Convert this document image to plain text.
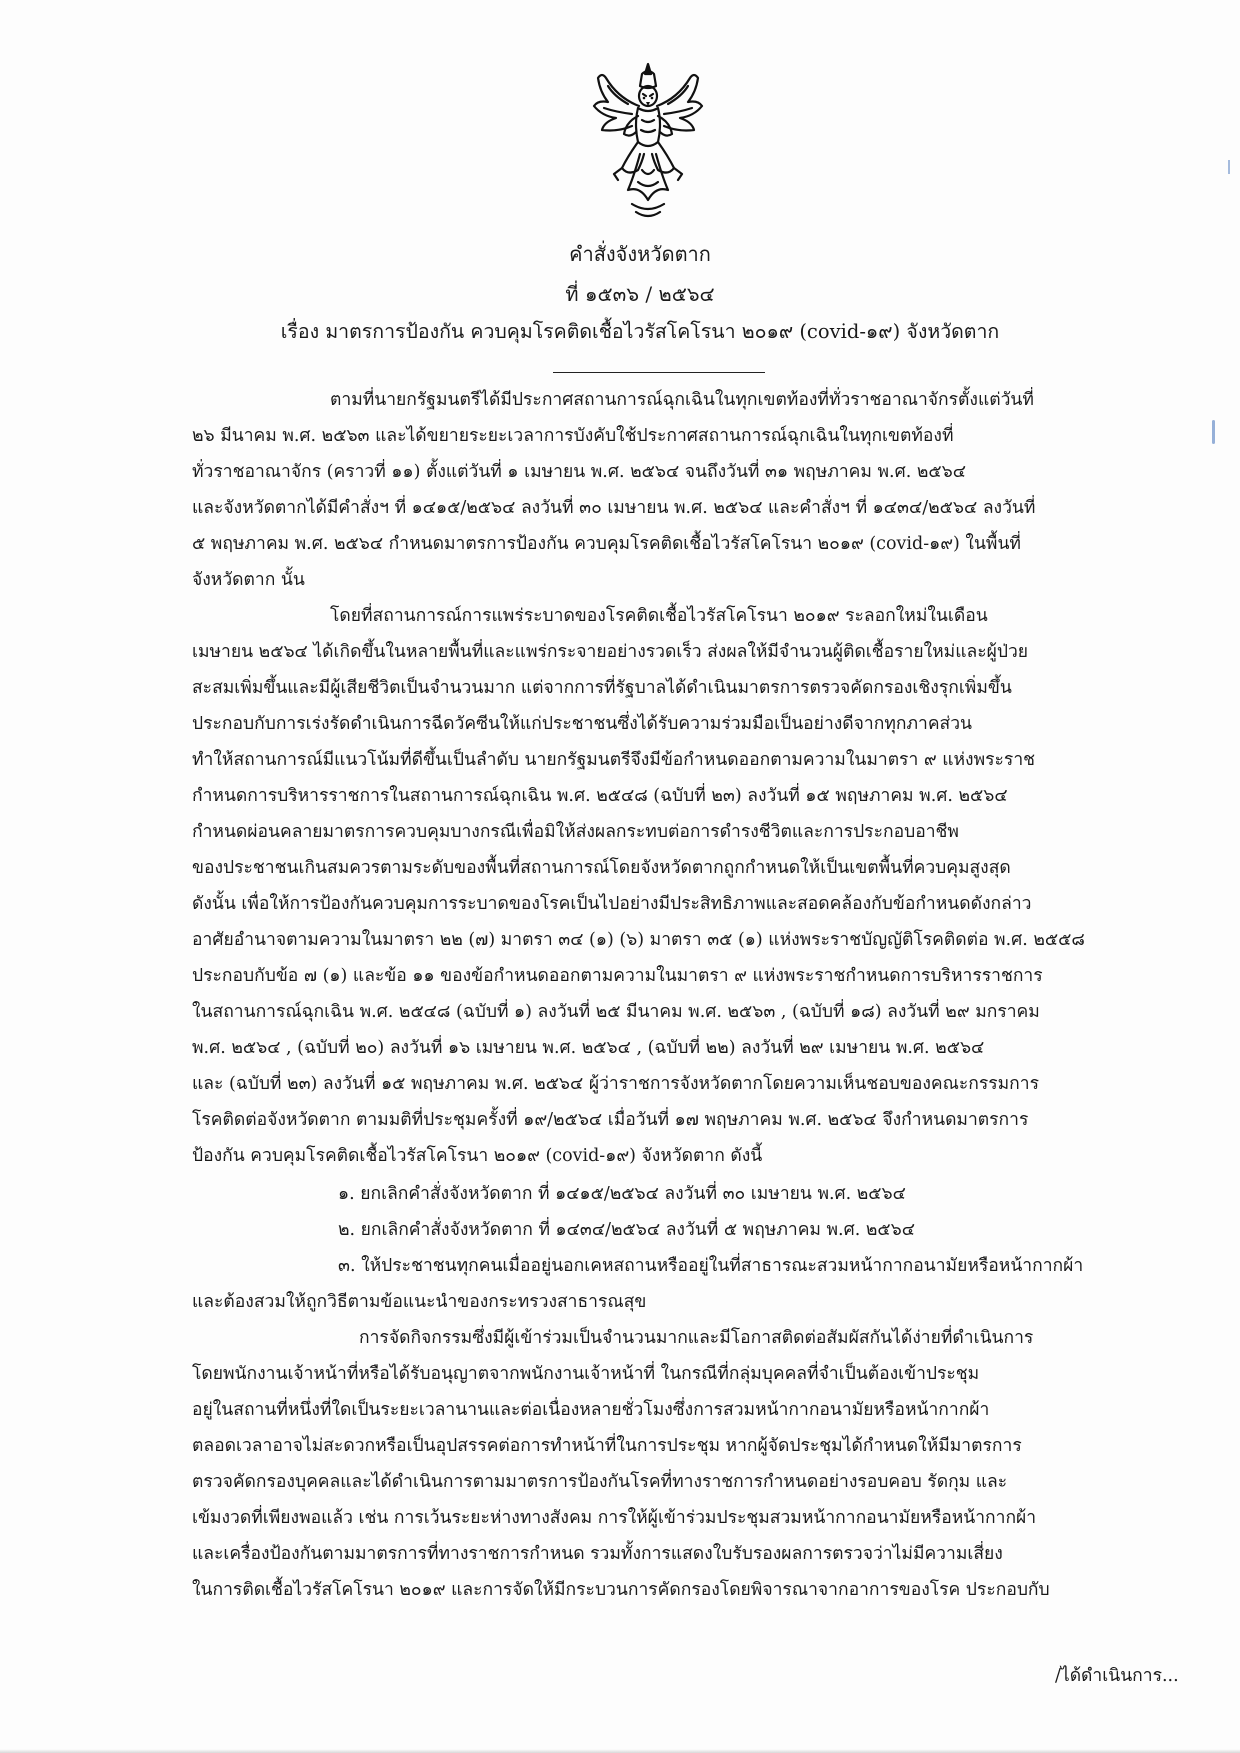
คำสั่งจังหวัดตาก
ที่ ๑๕๓๖ / ๒๕๖๔
เรื่อง มาตรการป้องกัน ควบคุมโรคติดเชื้อไวรัสโคโรนา ๒๐๑๙ (covid-๑๙) จังหวัดตาก
ตามที่นายกรัฐมนตรีได้มีประกาศสถานการณ์ฉุกเฉินในทุกเขตท้องที่ทั่วราชอาณาจักรตั้งแต่วันที่
๒๖ มีนาคม พ.ศ. ๒๕๖๓ และได้ขยายระยะเวลาการบังคับใช้ประกาศสถานการณ์ฉุกเฉินในทุกเขตท้องที่
ทั่วราชอาณาจักร (คราวที่ ๑๑) ตั้งแต่วันที่ ๑ เมษายน พ.ศ. ๒๕๖๔ จนถึงวันที่ ๓๑ พฤษภาคม พ.ศ. ๒๕๖๔
และจังหวัดตากได้มีคำสั่งฯ ที่ ๑๔๑๕/๒๕๖๔ ลงวันที่ ๓๐ เมษายน พ.ศ. ๒๕๖๔ และคำสั่งฯ ที่ ๑๔๓๔/๒๕๖๔ ลงวันที่
๕ พฤษภาคม พ.ศ. ๒๕๖๔ กำหนดมาตรการป้องกัน ควบคุมโรคติดเชื้อไวรัสโคโรนา ๒๐๑๙ (covid-๑๙) ในพื้นที่
จังหวัดตาก นั้น
โดยที่สถานการณ์การแพร่ระบาดของโรคติดเชื้อไวรัสโคโรนา ๒๐๑๙ ระลอกใหม่ในเดือน
เมษายน ๒๕๖๔ ได้เกิดขึ้นในหลายพื้นที่และแพร่กระจายอย่างรวดเร็ว ส่งผลให้มีจำนวนผู้ติดเชื้อรายใหม่และผู้ป่วย
สะสมเพิ่มขึ้นและมีผู้เสียชีวิตเป็นจำนวนมาก แต่จากการที่รัฐบาลได้ดำเนินมาตรการตรวจคัดกรองเชิงรุกเพิ่มขึ้น
ประกอบกับการเร่งรัดดำเนินการฉีดวัคซีนให้แก่ประชาชนซึ่งได้รับความร่วมมือเป็นอย่างดีจากทุกภาคส่วน
ทำให้สถานการณ์มีแนวโน้มที่ดีขึ้นเป็นลำดับ นายกรัฐมนตรีจึงมีข้อกำหนดออกตามความในมาตรา ๙ แห่งพระราช
กำหนดการบริหารราชการในสถานการณ์ฉุกเฉิน พ.ศ. ๒๕๔๘ (ฉบับที่ ๒๓) ลงวันที่ ๑๕ พฤษภาคม พ.ศ. ๒๕๖๔
กำหนดผ่อนคลายมาตรการควบคุมบางกรณีเพื่อมิให้ส่งผลกระทบต่อการดำรงชีวิตและการประกอบอาชีพ
ของประชาชนเกินสมควรตามระดับของพื้นที่สถานการณ์โดยจังหวัดตากถูกกำหนดให้เป็นเขตพื้นที่ควบคุมสูงสุด
ดังนั้น เพื่อให้การป้องกันควบคุมการระบาดของโรคเป็นไปอย่างมีประสิทธิภาพและสอดคล้องกับข้อกำหนดดังกล่าว
อาศัยอำนาจตามความในมาตรา ๒๒ (๗) มาตรา ๓๔ (๑) (๖) มาตรา ๓๕ (๑) แห่งพระราชบัญญัติโรคติดต่อ พ.ศ. ๒๕๕๘
ประกอบกับข้อ ๗ (๑) และข้อ ๑๑ ของข้อกำหนดออกตามความในมาตรา ๙ แห่งพระราชกำหนดการบริหารราชการ
ในสถานการณ์ฉุกเฉิน พ.ศ. ๒๕๔๘ (ฉบับที่ ๑) ลงวันที่ ๒๕ มีนาคม พ.ศ. ๒๕๖๓ , (ฉบับที่ ๑๘) ลงวันที่ ๒๙ มกราคม
พ.ศ. ๒๕๖๔ , (ฉบับที่ ๒๐) ลงวันที่ ๑๖ เมษายน พ.ศ. ๒๕๖๔ , (ฉบับที่ ๒๒) ลงวันที่ ๒๙ เมษายน พ.ศ. ๒๕๖๔
และ (ฉบับที่ ๒๓) ลงวันที่ ๑๕ พฤษภาคม พ.ศ. ๒๕๖๔ ผู้ว่าราชการจังหวัดตากโดยความเห็นชอบของคณะกรรมการ
โรคติดต่อจังหวัดตาก ตามมติที่ประชุมครั้งที่ ๑๙/๒๕๖๔ เมื่อวันที่ ๑๗ พฤษภาคม พ.ศ. ๒๕๖๔ จึงกำหนดมาตรการ
ป้องกัน ควบคุมโรคติดเชื้อไวรัสโคโรนา ๒๐๑๙ (covid-๑๙) จังหวัดตาก ดังนี้
๑. ยกเลิกคำสั่งจังหวัดตาก ที่ ๑๔๑๕/๒๕๖๔ ลงวันที่ ๓๐ เมษายน พ.ศ. ๒๕๖๔
๒. ยกเลิกคำสั่งจังหวัดตาก ที่ ๑๔๓๔/๒๕๖๔ ลงวันที่ ๕ พฤษภาคม พ.ศ. ๒๕๖๔
๓. ให้ประชาชนทุกคนเมื่ออยู่นอกเคหสถานหรืออยู่ในที่สาธารณะสวมหน้ากากอนามัยหรือหน้ากากผ้า
และต้องสวมให้ถูกวิธีตามข้อแนะนำของกระทรวงสาธารณสุข
การจัดกิจกรรมซึ่งมีผู้เข้าร่วมเป็นจำนวนมากและมีโอกาสติดต่อสัมผัสกันได้ง่ายที่ดำเนินการ
โดยพนักงานเจ้าหน้าที่หรือได้รับอนุญาตจากพนักงานเจ้าหน้าที่ ในกรณีที่กลุ่มบุคคลที่จำเป็นต้องเข้าประชุม
อยู่ในสถานที่หนึ่งที่ใดเป็นระยะเวลานานและต่อเนื่องหลายชั่วโมงซึ่งการสวมหน้ากากอนามัยหรือหน้ากากผ้า
ตลอดเวลาอาจไม่สะดวกหรือเป็นอุปสรรคต่อการทำหน้าที่ในการประชุม หากผู้จัดประชุมได้กำหนดให้มีมาตรการ
ตรวจคัดกรองบุคคลและได้ดำเนินการตามมาตรการป้องกันโรคที่ทางราชการกำหนดอย่างรอบคอบ รัดกุม และ
เข้มงวดที่เพียงพอแล้ว เช่น การเว้นระยะห่างทางสังคม การให้ผู้เข้าร่วมประชุมสวมหน้ากากอนามัยหรือหน้ากากผ้า
และเครื่องป้องกันตามมาตรการที่ทางราชการกำหนด รวมทั้งการแสดงใบรับรองผลการตรวจว่าไม่มีความเสี่ยง
ในการติดเชื้อไวรัสโคโรนา ๒๐๑๙ และการจัดให้มีกระบวนการคัดกรองโดยพิจารณาจากอาการของโรค ประกอบกับ
/ได้ดำเนินการ...
